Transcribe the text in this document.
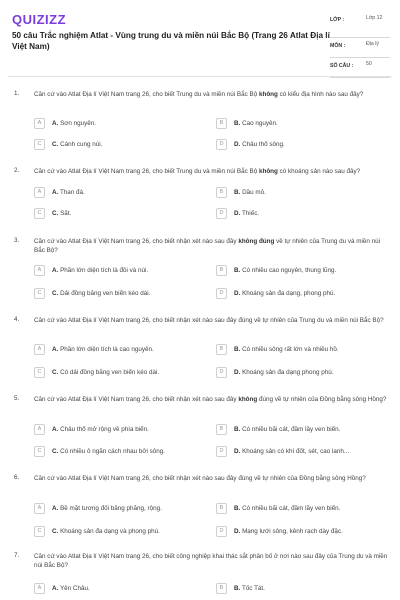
QUIZIZZ
50 câu Trắc nghiệm Atlat - Vùng trung du và miền núi Bắc Bộ (Trang 26 Atlat Địa lí Việt Nam)
LỚP :	Lớp 12
MÔN :	Địa lý
SỐ CÂU : 50
1. Căn cứ vào Atlat Địa lí Việt Nam trang 26, cho biết Trung du và miền núi Bắc Bộ không có kiểu địa hình nào sau đây?
A	A. Sơn nguyên.	B	B. Cao nguyên.
C	C. Cánh cung núi.	D	D. Châu thổ sông.
2. Căn cứ vào Atlat Địa lí Việt Nam trang 26, cho biết Trung du và miền núi Bắc Bộ không có khoáng sản nào sau đây?
A	A. Than đá.	B	B. Dầu mỏ.
C	C. Sắt.	D	D. Thiếc.
3. Căn cứ vào Atlat Địa lí Việt Nam trang 26, cho biết nhận xét nào sau đây không đúng về tự nhiên của Trung du và miền núi Bắc Bộ?
A	A. Phần lớn diện tích là đồi và núi.	B	B. Có nhiều cao nguyên, thung lũng.
C	C. Dải đồng bằng ven biển kéo dài.	D	D. Khoáng sản đa dạng, phong phú.
4. Căn cứ vào Atlat Địa lí Việt Nam trang 26, cho biết nhận xét nào sau đây đúng về tự nhiên của Trung du và miền núi Bắc Bộ?
A	A. Phần lớn diện tích là cao nguyên.	B	B. Có nhiều sông rất lớn và nhiều hồ.
C	C. Có dải đồng bằng ven biển kéo dài.	D	D. Khoáng sản đa dạng phong phú.
5. Căn cứ vào Atlat Địa lí Việt Nam trang 26, cho biết nhận xét nào sau đây không đúng về tự nhiên của Đồng bằng sông Hồng?
A	A. Châu thổ mở rộng về phía biển.	B	B. Có nhiều bãi cát, đầm lầy ven biển.
C	C. Có nhiều ô ngăn cách nhau bởi sông.	D	D. Khoáng sản có khí đốt, sét, cao lanh...
6. Căn cứ vào Atlat Địa lí Việt Nam trang 26, cho biết nhận xét nào sau đây đúng về tự nhiên của Đồng bằng sông Hồng?
A	A. Bề mặt tương đối bằng phẳng, rộng.	B	B. Có nhiều bãi cát, đầm lầy ven biển.
C	C. Khoáng sản đa dạng và phong phú.	D	D. Mạng lưới sông, kênh rạch dày đặc.
7. Căn cứ vào Atlat Địa lí Việt Nam trang 26, cho biết công nghiệp khai thác sắt phân bố ở nơi nào sau đây của Trung du và miền núi Bắc Bộ?
A	A. Yên Châu.	B	B. Tốc Tát.
